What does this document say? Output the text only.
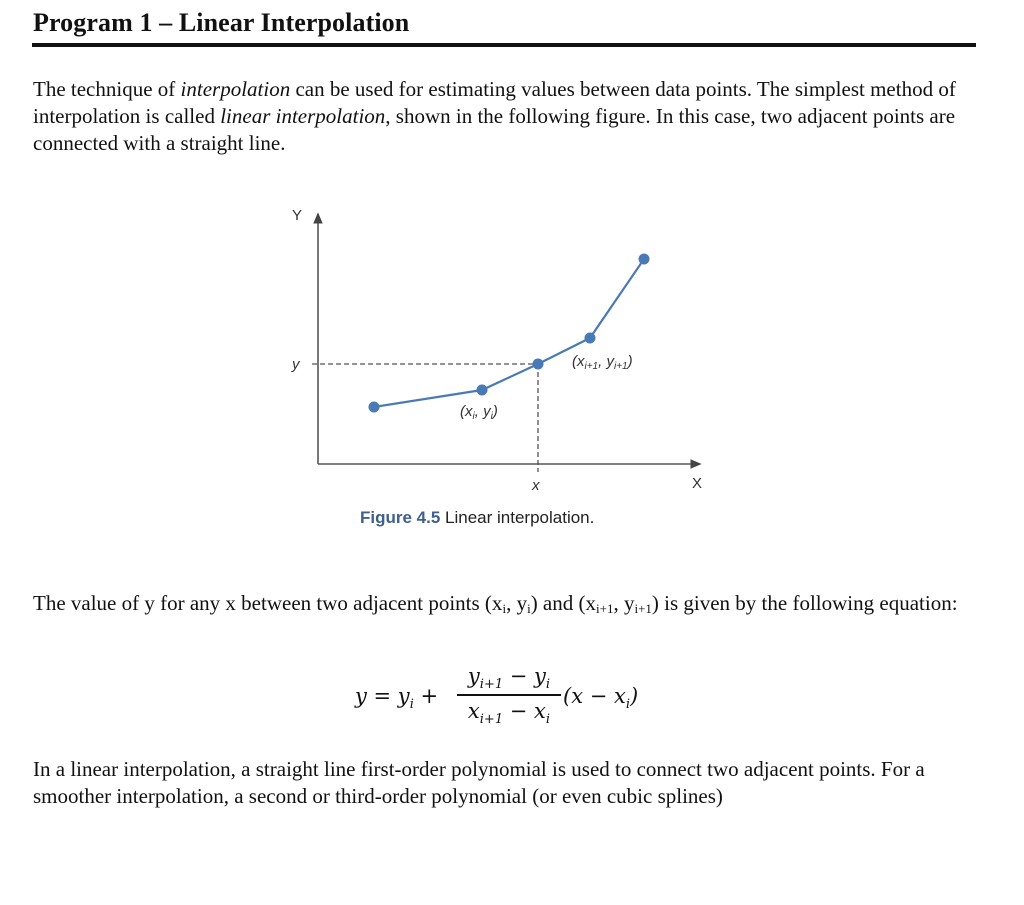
Program 1 – Linear Interpolation
The technique of interpolation can be used for estimating values between data points. The simplest method of interpolation is called linear interpolation, shown in the following figure. In this case, two adjacent points are connected with a straight line.
Y
X
y
x
($x_i$, $y_i$)
($x_{i+1}$, $y_{i+1}$)
Figure 4.5 Linear interpolation.
The value of y for any x between two adjacent points ($x_i$, $y_i$) and ($x_{i+1}$, $y_{i+1}$) is given by the following equation:
$y = y_i$ +
$y_{i+1} - y_i$
$x_{i+1} - x_i$
$(x - x_i)$
In a linear interpolation, a straight line first-order polynomial is used to connect two adjacent points. For a smoother interpolation, a second or third-order polynomial (or even cubic splines)
